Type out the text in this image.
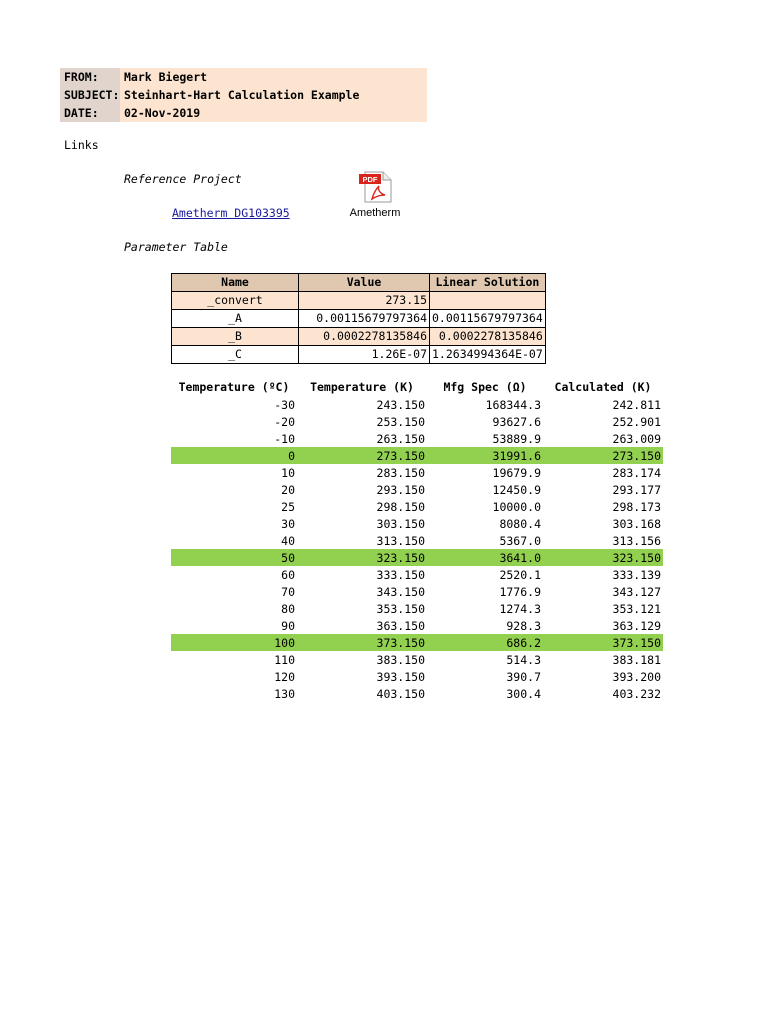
FROM:	Mark Biegert
SUBJECT: Steinhart-Hart Calculation Example
DATE:	02-Nov-2019
Links
Reference Project
Ametherm DG103395
PDF
Ametherm
Parameter Table
Name	Value	Linear Solution
_convert	273.15	
_A	0.00115679797364	0.00115679797364
_B	0.0002278135846	0.0002278135846
_C	1.26E-07	1.2634994364E-07
Temperature (ºC)	Temperature (K)	Mfg Spec (Ω)	Calculated (K)
-30	243.150	168344.3	242.811
-20	253.150	93627.6	252.901
-10	263.150	53889.9	263.009
0	273.150	31991.6	273.150
10	283.150	19679.9	283.174
20	293.150	12450.9	293.177
25	298.150	10000.0	298.173
30	303.150	8080.4	303.168
40	313.150	5367.0	313.156
50	323.150	3641.0	323.150
60	333.150	2520.1	333.139
70	343.150	1776.9	343.127
80	353.150	1274.3	353.121
90	363.150	928.3	363.129
100	373.150	686.2	373.150
110	383.150	514.3	383.181
120	393.150	390.7	393.200
130	403.150	300.4	403.232
